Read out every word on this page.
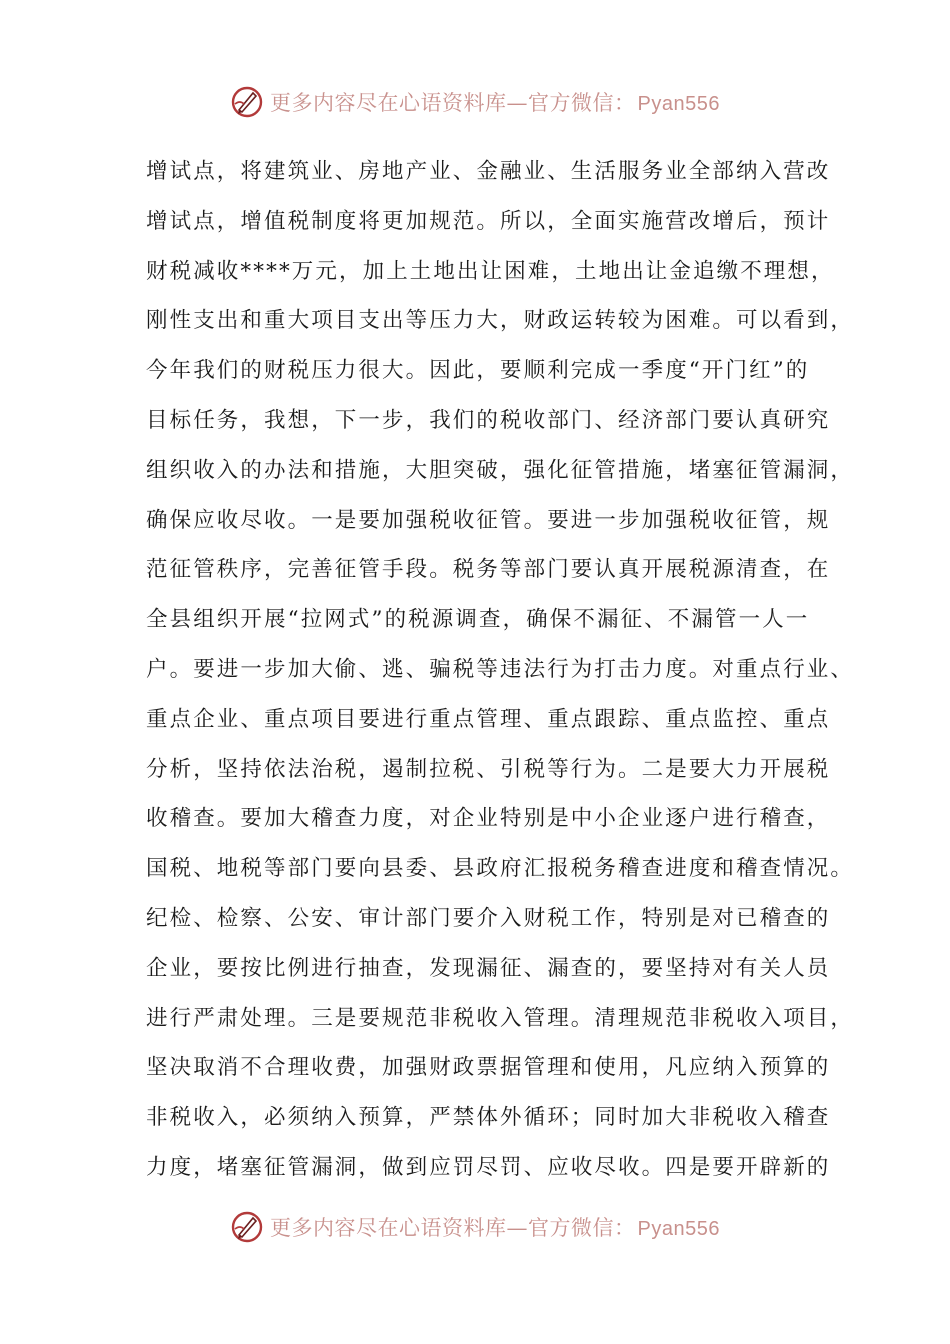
更多内容尽在心语资料库—官方微信： Pyan556
增试点，将建筑业、房地产业、金融业、生活服务业全部纳入营改
增试点，增值税制度将更加规范。所以，全面实施营改增后，预计
财税减收****万元，加上土地出让困难，土地出让金追缴不理想，
刚性支出和重大项目支出等压力大，财政运转较为困难。可以看到，
今年我们的财税压力很大。因此，要顺利完成一季度“开门红”的
目标任务，我想，下一步，我们的税收部门、经济部门要认真研究
组织收入的办法和措施，大胆突破，强化征管措施，堵塞征管漏洞，
确保应收尽收。一是要加强税收征管。要进一步加强税收征管，规
范征管秩序，完善征管手段。税务等部门要认真开展税源清查，在
全县组织开展“拉网式”的税源调查，确保不漏征、不漏管一人一
户。要进一步加大偷、逃、骗税等违法行为打击力度。对重点行业、
重点企业、重点项目要进行重点管理、重点跟踪、重点监控、重点
分析，坚持依法治税，遏制拉税、引税等行为。二是要大力开展税
收稽查。要加大稽查力度，对企业特别是中小企业逐户进行稽查，
国税、地税等部门要向县委、县政府汇报税务稽查进度和稽查情况。
纪检、检察、公安、审计部门要介入财税工作，特别是对已稽查的
企业，要按比例进行抽查，发现漏征、漏查的，要坚持对有关人员
进行严肃处理。三是要规范非税收入管理。清理规范非税收入项目，
坚决取消不合理收费，加强财政票据管理和使用，凡应纳入预算的
非税收入，必须纳入预算，严禁体外循环；同时加大非税收入稽查
力度，堵塞征管漏洞，做到应罚尽罚、应收尽收。四是要开辟新的
更多内容尽在心语资料库—官方微信： Pyan556
